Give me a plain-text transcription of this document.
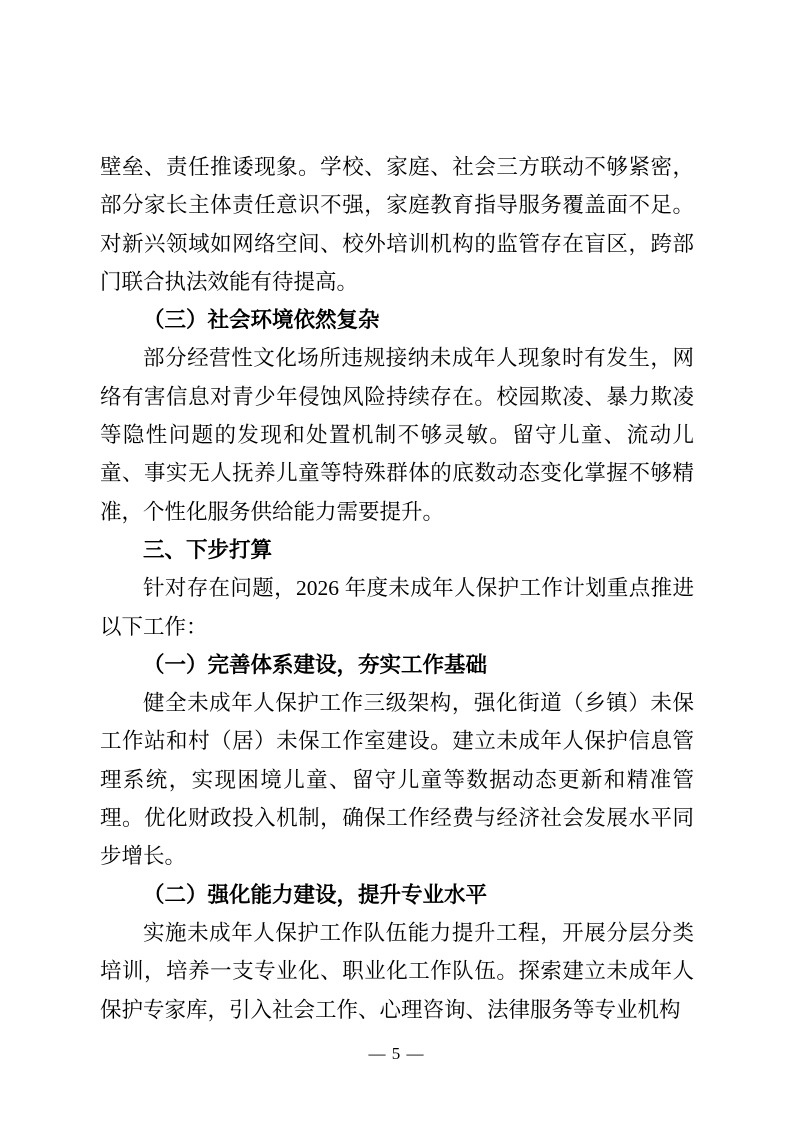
壁垒、责任推诿现象。学校、家庭、社会三方联动不够紧密，部分家长主体责任意识不强，家庭教育指导服务覆盖面不足。对新兴领域如网络空间、校外培训机构的监管存在盲区，跨部门联合执法效能有待提高。

（三）社会环境依然复杂

部分经营性文化场所违规接纳未成年人现象时有发生，网络有害信息对青少年侵蚀风险持续存在。校园欺凌、暴力欺凌等隐性问题的发现和处置机制不够灵敏。留守儿童、流动儿童、事实无人抚养儿童等特殊群体的底数动态变化掌握不够精准，个性化服务供给能力需要提升。

三、下步打算

针对存在问题，2026 年度未成年人保护工作计划重点推进以下工作：

（一）完善体系建设，夯实工作基础

健全未成年人保护工作三级架构，强化街道（乡镇）未保工作站和村（居）未保工作室建设。建立未成年人保护信息管理系统，实现困境儿童、留守儿童等数据动态更新和精准管理。优化财政投入机制，确保工作经费与经济社会发展水平同步增长。

（二）强化能力建设，提升专业水平

实施未成年人保护工作队伍能力提升工程，开展分层分类培训，培养一支专业化、职业化工作队伍。探索建立未成年人保护专家库，引入社会工作、心理咨询、法律服务等专业机构

— 5 —
